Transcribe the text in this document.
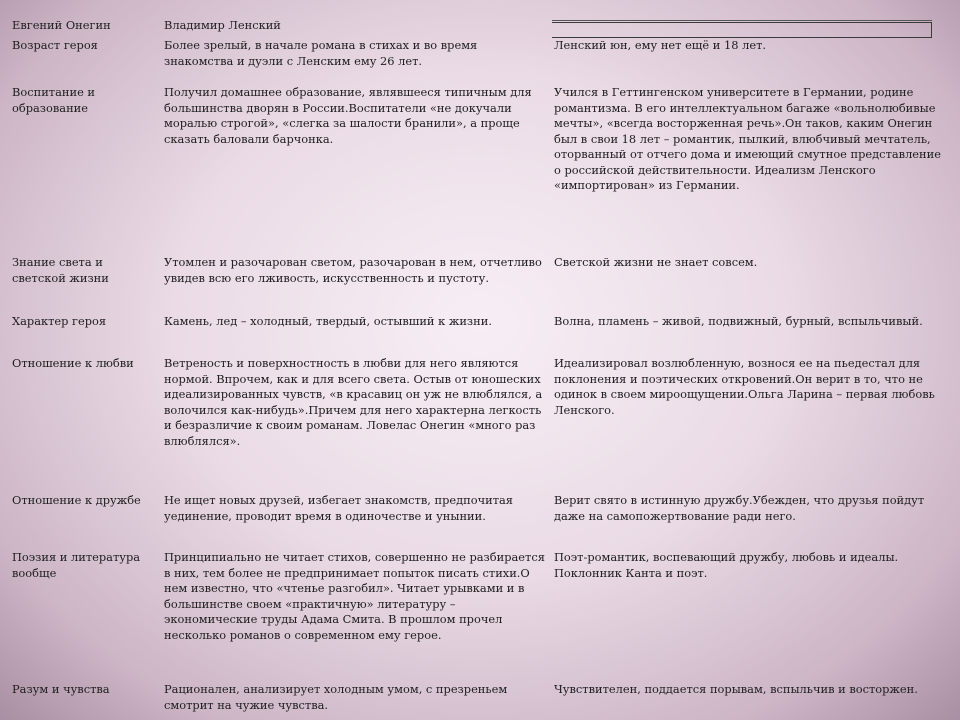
Евгений Онегин	Владимир Ленский	
Возраст героя	Более зрелый, в начале романа в стихах и во время знакомства и дуэли с Ленским ему 26 лет.	Ленский юн, ему нет ещё и 18 лет.
Воспитание и образование	Получил домашнее образование, являвшееся типичным для большинства дворян в России.Воспитатели «не докучали моралью строгой», «слегка за шалости бранили», а проще сказать баловали барчонка.	Учился в Геттингенском университете в Германии, родине романтизма. В его интеллектуальном багаже «вольнолюбивые мечты», «всегда восторженная речь».Он таков, каким Онегин был в свои 18 лет – романтик, пылкий, влюбчивый мечтатель, оторванный от отчего дома и имеющий смутное представление о российской действительности. Идеализм Ленского «импортирован» из Германии.
Знание света и светской жизни	Утомлен и разочарован светом, разочарован в нем, отчетливо увидев всю его лживость, искусственность и пустоту.	Светской жизни не знает совсем.
Характер героя	Камень, лед – холодный, твердый, остывший к жизни.	Волна, пламень – живой, подвижный, бурный, вспыльчивый.
Отношение к любви	Ветреность и поверхностность в любви для него являются нормой. Впрочем, как и для всего света. Остыв от юношеских идеализированных чувств, «в красавиц он уж не влюблялся, а волочился как-нибудь».Причем для него характерна легкость и безразличие к своим романам. Ловелас Онегин «много раз влюблялся».	Идеализировал возлюбленную, вознося ее на пьедестал для поклонения и поэтических откровений.Он верит в то, что не одинок в своем мироощущении.Ольга Ларина – первая любовь Ленского.
Отношение к дружбе	Не ищет новых друзей, избегает знакомств, предпочитая уединение, проводит время в одиночестве и унынии.	Верит свято в истинную дружбу.Убежден, что друзья пойдут даже на самопожертвование ради него.
Поэзия и литература вообще	Принципиально не читает стихов, совершенно не разбирается в них, тем более не предпринимает попыток писать стихи.О нем известно, что «чтенье разгобил». Читает урывками и в большинстве своем «практичную» литературу – экономические труды Адама Смита. В прошлом прочел несколько романов о современном ему герое.	Поэт-романтик, воспевающий дружбу, любовь и идеалы. Поклонник Канта и поэт.
Разум и чувства	Рационален, анализирует холодным умом, с презреньем смотрит на чужие чувства.	Чувствителен, поддается порывам, вспыльчив и восторжен.
